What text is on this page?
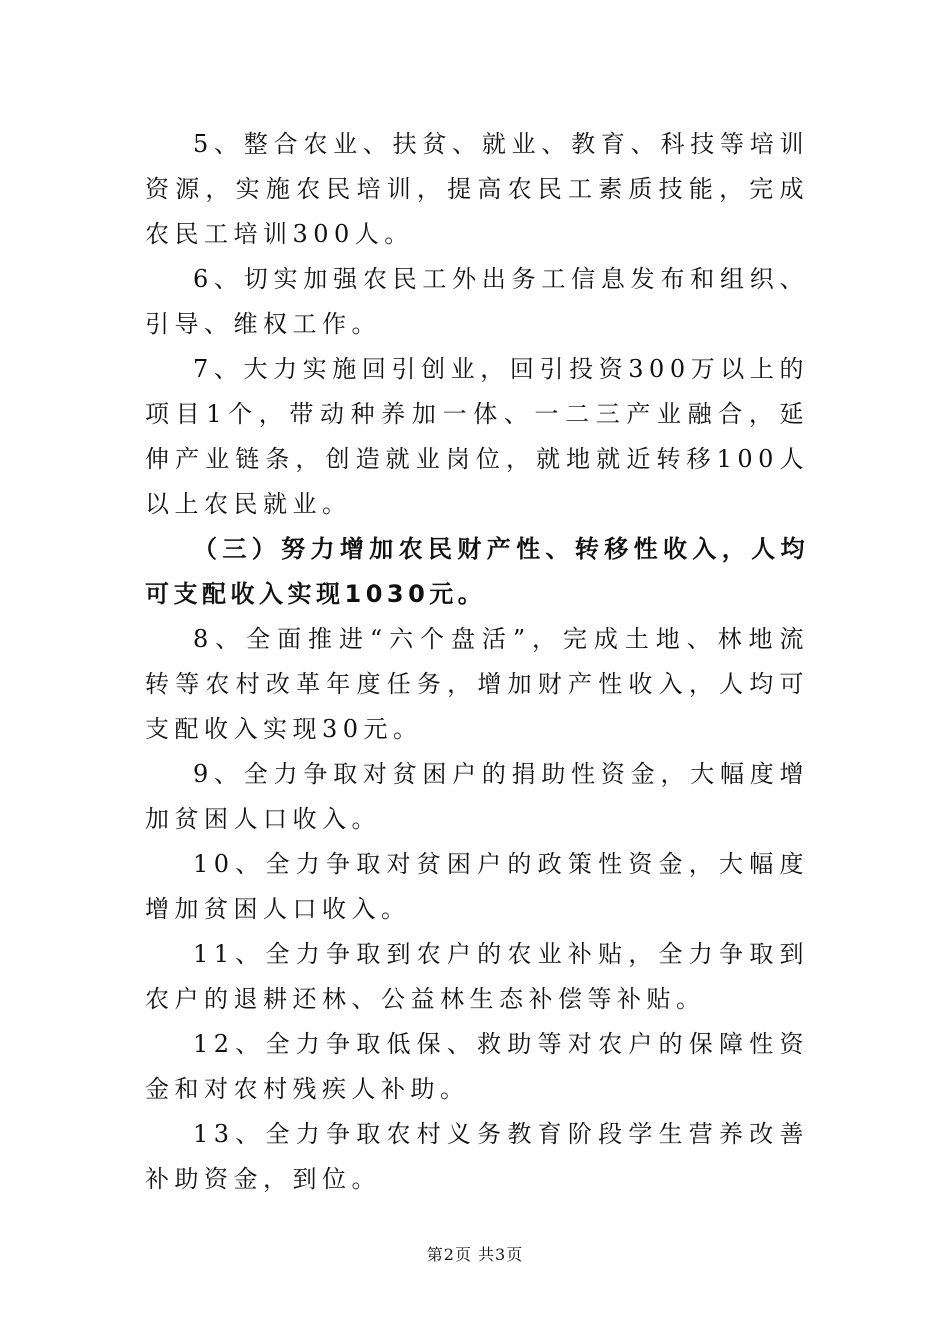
5、整合农业、扶贫、就业、教育、科技等培训资源，实施农民培训，提高农民工素质技能，完成农民工培训300人。

6、切实加强农民工外出务工信息发布和组织、引导、维权工作。

7、大力实施回引创业，回引投资300万以上的项目1个，带动种养加一体、一二三产业融合，延伸产业链条，创造就业岗位，就地就近转移100人以上农民就业。

（三）努力增加农民财产性、转移性收入，人均可支配收入实现1030元。

8、全面推进“六个盘活”，完成土地、林地流转等农村改革年度任务，增加财产性收入，人均可支配收入实现30元。

9、全力争取对贫困户的捐助性资金，大幅度增加贫困人口收入。

10、全力争取对贫困户的政策性资金，大幅度增加贫困人口收入。

11、全力争取到农户的农业补贴，全力争取到农户的退耕还林、公益林生态补偿等补贴。

12、全力争取低保、救助等对农户的保障性资金和对农村残疾人补助。

13、全力争取农村义务教育阶段学生营养改善补助资金，到位。

第2页 共3页
